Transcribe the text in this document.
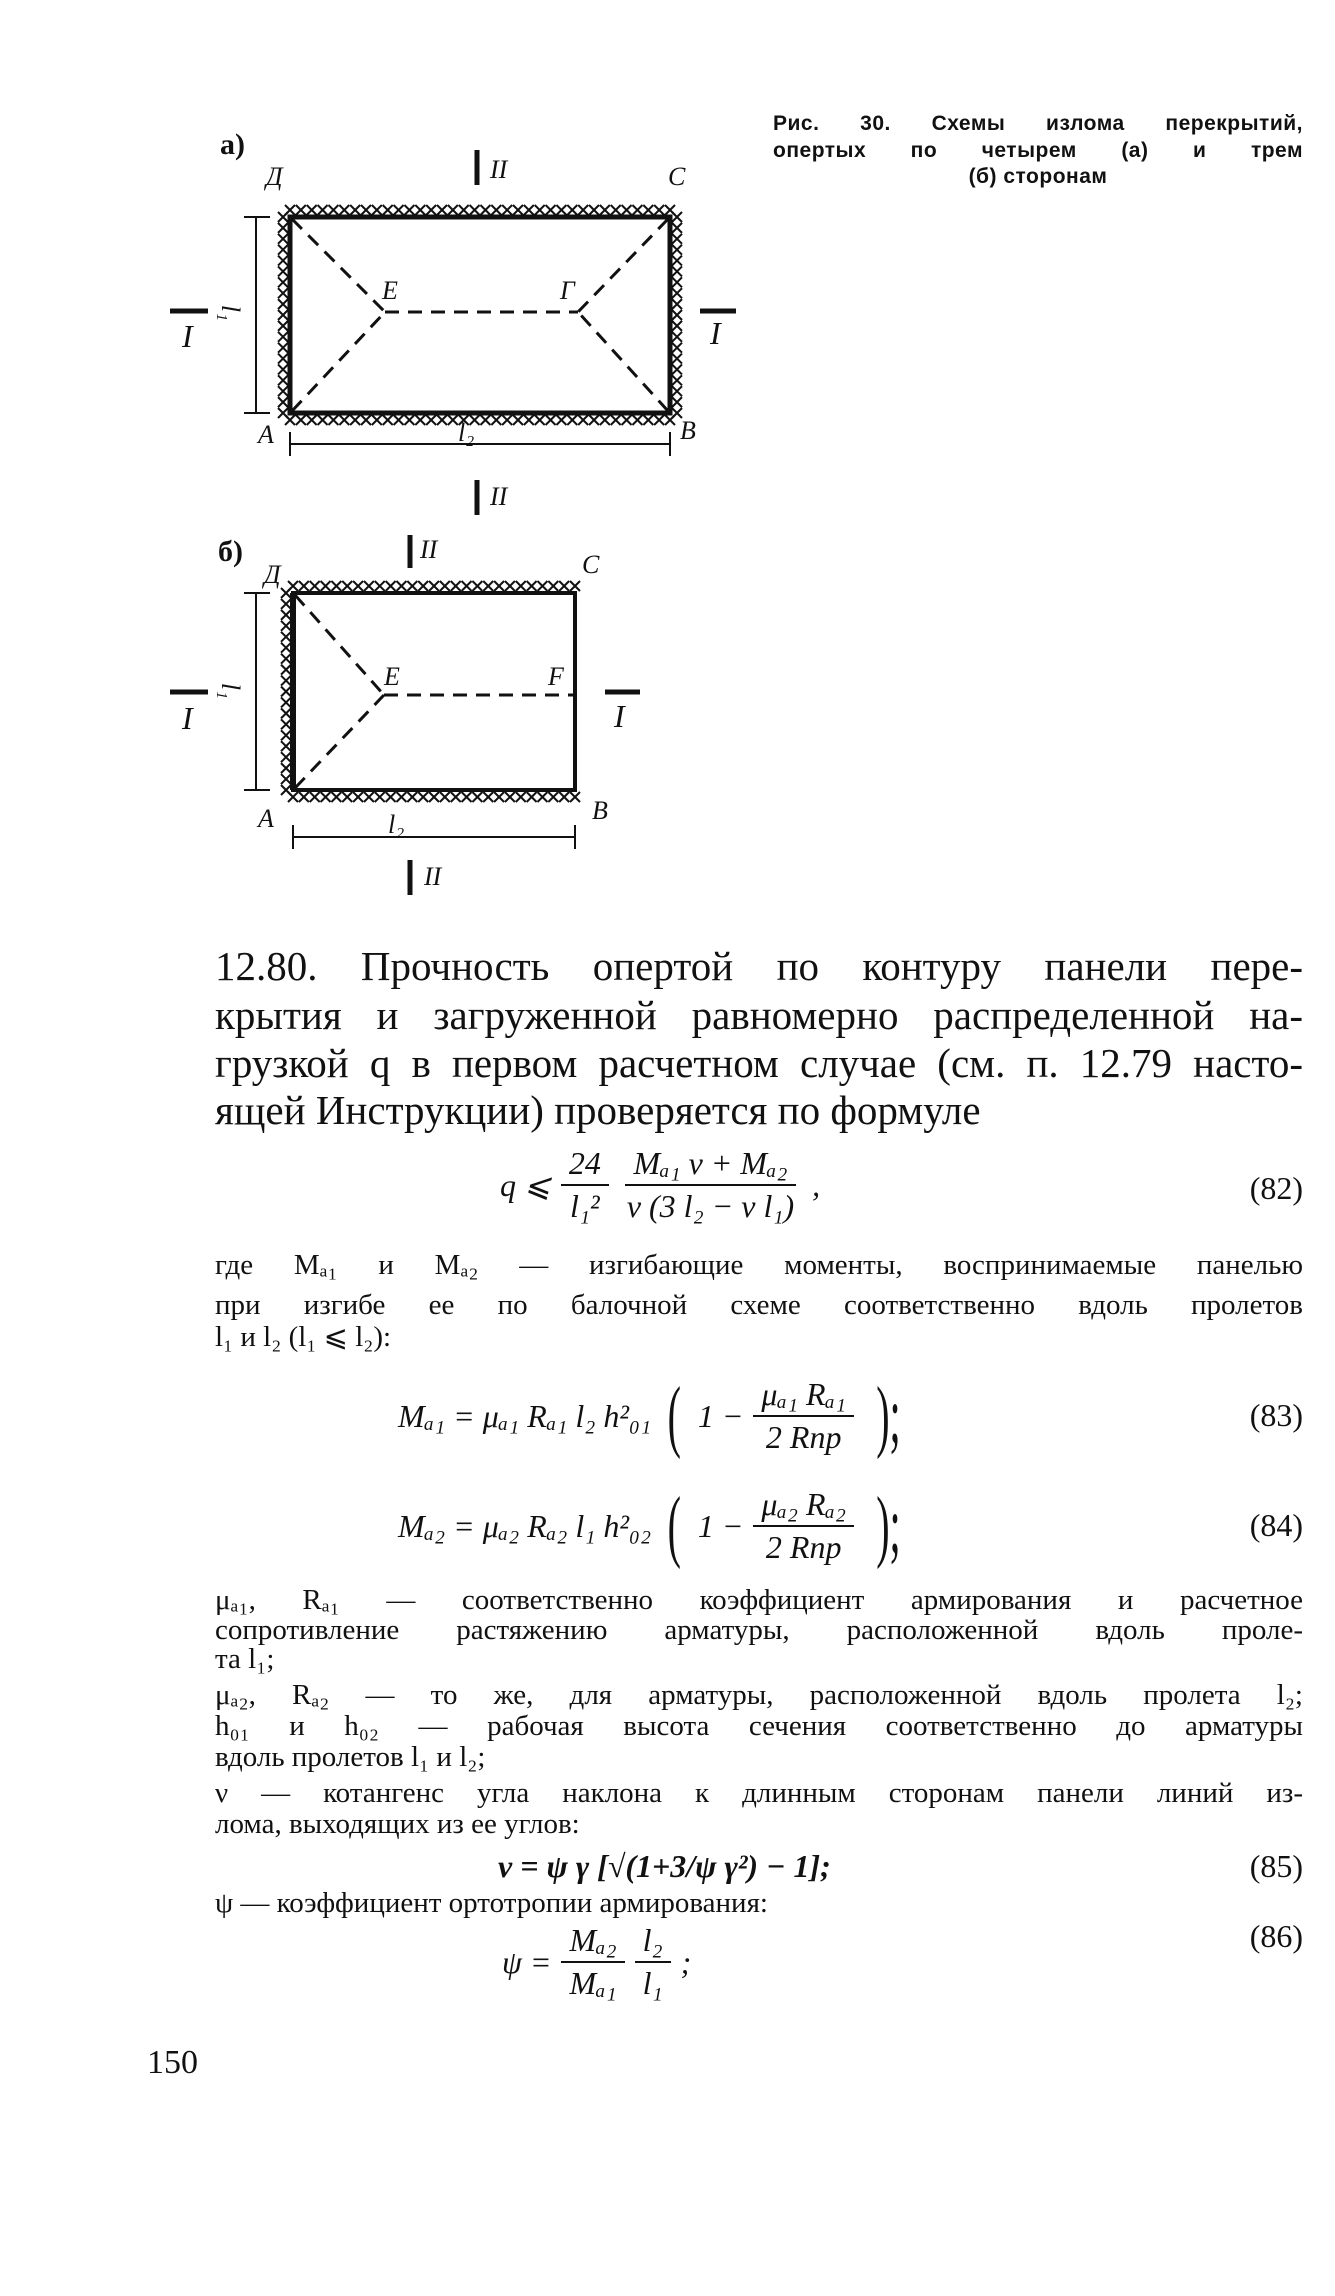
Рис. 30. Схемы излома перекрытий,
опертых по четырем (а) и трем
(б) сторонам
а)
II
II
I	I
Д	С
А	В
Е	Г
l₁
l₂
б)	II
II
I	I
Д	С
А	В
Е	F
l₁
l₂
12.80. Прочность опертой по контуру панели пере-
крытия и загруженной равномерно распределенной на-
грузкой q в первом расчетном случае (см. п. 12.79 насто-
ящей Инструкции) проверяется по формуле
q ⩽ $\frac{24}{\text{l₁²}} \frac{\text{Mₐ₁ ν + Mₐ₂}}{\text{ν (3 l₂ − ν l₁)}}$ ,	(82)
где Mₐ₁ и Mₐ₂ — изгибающие моменты, воспринимаемые панелью
при изгибе ее по балочной схеме соответственно вдоль пролетов
l₁ и l₂ (l₁ ⩽ l₂):
Mₐ₁ = μₐ₁ Rₐ₁ l₂ h²₀₁ ( $1 - \frac{\text{μₐ₁ Rₐ₁}}{\text{2 Rпр}}$ );	(83)
Mₐ₂ = μₐ₂ Rₐ₂ l₁ h²₀₂ ( $1 - \frac{\text{μₐ₂ Rₐ₂}}{\text{2 Rпр}}$ );	(84)
μₐ₁, Rₐ₁ — соответственно коэффициент армирования и расчетное
сопротивление растяжению арматуры, расположенной вдоль проле-
та l₁;
μₐ₂, Rₐ₂ — то же, для арматуры, расположенной вдоль пролета l₂;
h₀₁ и h₀₂ — рабочая высота сечения соответственно до арматуры
вдоль пролетов l₁ и l₂;
ν — котангенс угла наклона к длинным сторонам панели линий из-
лома, выходящих из ее углов:
ν = ψ γ [√(1+3/ψ γ²) − 1];	(85)
ψ — коэффициент ортотропии армирования:
$\psi = \frac{\text{Mₐ₂}}{\text{Mₐ₁}} \frac{\text{l₂}}{\text{l₁}}$ ;
(86)
150
